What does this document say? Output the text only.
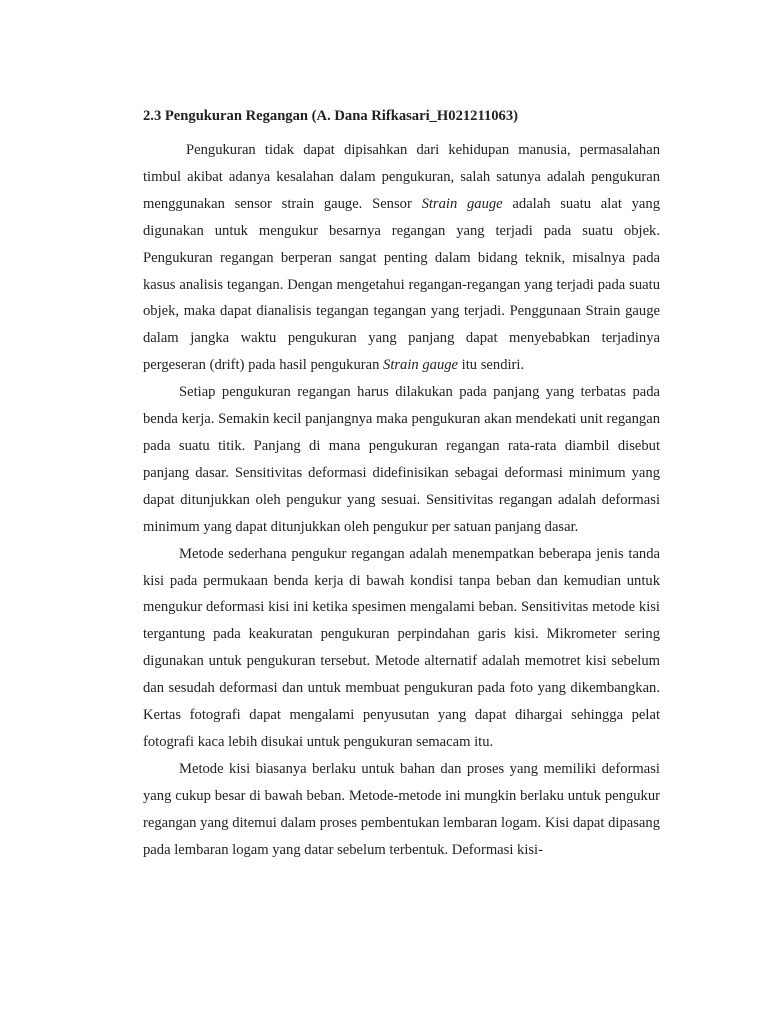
2.3 Pengukuran Regangan (A. Dana Rifkasari_H021211063)

Pengukuran tidak dapat dipisahkan dari kehidupan manusia, permasalahan timbul akibat adanya kesalahan dalam pengukuran, salah satunya adalah pengukuran menggunakan sensor strain gauge. Sensor Strain gauge adalah suatu alat yang digunakan untuk mengukur besarnya regangan yang terjadi pada suatu objek. Pengukuran regangan berperan sangat penting dalam bidang teknik, misalnya pada kasus analisis tegangan. Dengan mengetahui regangan-regangan yang terjadi pada suatu objek, maka dapat dianalisis tegangan tegangan yang terjadi. Penggunaan Strain gauge dalam jangka waktu pengukuran yang panjang dapat menyebabkan terjadinya pergeseran (drift) pada hasil pengukuran Strain gauge itu sendiri.

Setiap pengukuran regangan harus dilakukan pada panjang yang terbatas pada benda kerja. Semakin kecil panjangnya maka pengukuran akan mendekati unit regangan pada suatu titik. Panjang di mana pengukuran regangan rata-rata diambil disebut panjang dasar. Sensitivitas deformasi didefinisikan sebagai deformasi minimum yang dapat ditunjukkan oleh pengukur yang sesuai. Sensitivitas regangan adalah deformasi minimum yang dapat ditunjukkan oleh pengukur per satuan panjang dasar.

Metode sederhana pengukur regangan adalah menempatkan beberapa jenis tanda kisi pada permukaan benda kerja di bawah kondisi tanpa beban dan kemudian untuk mengukur deformasi kisi ini ketika spesimen mengalami beban. Sensitivitas metode kisi tergantung pada keakuratan pengukuran perpindahan garis kisi. Mikrometer sering digunakan untuk pengukuran tersebut. Metode alternatif adalah memotret kisi sebelum dan sesudah deformasi dan untuk membuat pengukuran pada foto yang dikembangkan. Kertas fotografi dapat mengalami penyusutan yang dapat dihargai sehingga pelat fotografi kaca lebih disukai untuk pengukuran semacam itu.

Metode kisi biasanya berlaku untuk bahan dan proses yang memiliki deformasi yang cukup besar di bawah beban. Metode-metode ini mungkin berlaku untuk pengukur regangan yang ditemui dalam proses pembentukan lembaran logam. Kisi dapat dipasang pada lembaran logam yang datar sebelum terbentuk. Deformasi kisi-
